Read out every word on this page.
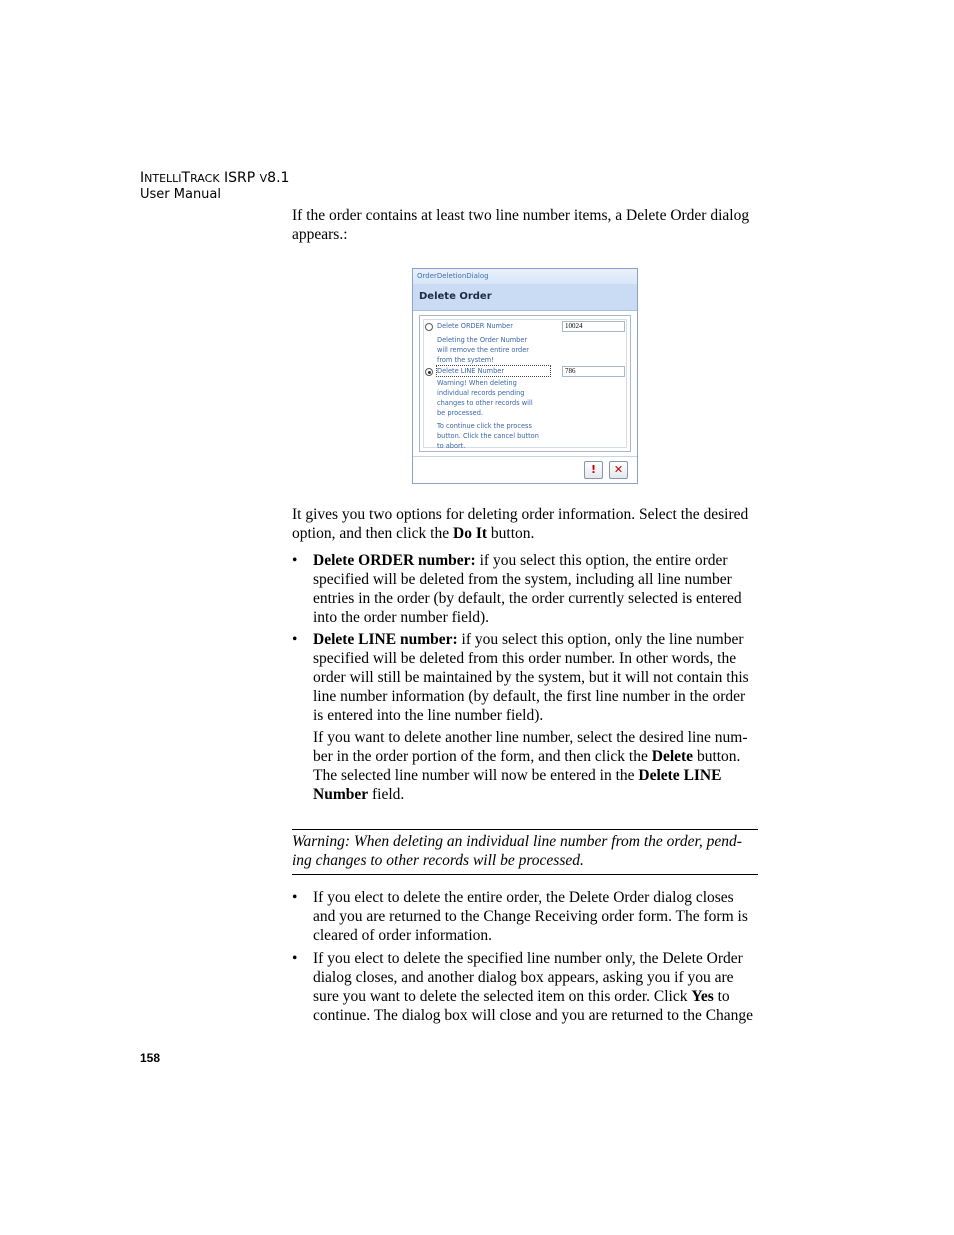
INTELLITRACK ISRP V8.1
User Manual

If the order contains at least two line number items, a Delete Order dialog appears.:

OrderDeletionDialog
Delete Order
Delete ORDER Number	10024
Deleting the Order Number
will remove the entire order
from the system!
Delete LINE Number	786
Warning! When deleting
individual records pending
changes to other records will
be processed.
To continue click the process
button. Click the cancel button
to abort.
!	✕

It gives you two options for deleting order information. Select the desired option, and then click the Do It button.

• Delete ORDER number: if you select this option, the entire order specified will be deleted from the system, including all line number entries in the order (by default, the order currently selected is entered into the order number field).
• Delete LINE number: if you select this option, only the line number specified will be deleted from this order number. In other words, the order will still be maintained by the system, but it will not contain this line number information (by default, the first line number in the order is entered into the line number field).

If you want to delete another line number, select the desired line num-ber in the order portion of the form, and then click the Delete button. The selected line number will now be entered in the Delete LINE Number field.

Warning: When deleting an individual line number from the order, pend-ing changes to other records will be processed.

• If you elect to delete the entire order, the Delete Order dialog closes and you are returned to the Change Receiving order form. The form is cleared of order information.
• If you elect to delete the specified line number only, the Delete Order dialog closes, and another dialog box appears, asking you if you are sure you want to delete the selected item on this order. Click Yes to continue. The dialog box will close and you are returned to the Change
158
